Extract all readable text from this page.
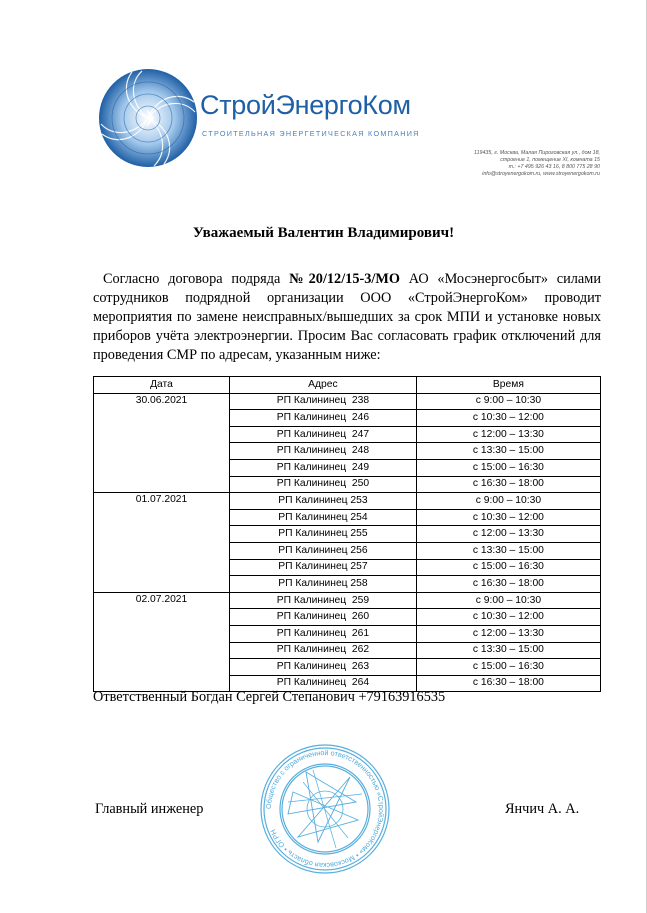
СтройЭнергоКом
СТРОИТЕЛЬНАЯ ЭНЕРГЕТИЧЕСКАЯ КОМПАНИЯ
119435, г. Москва, Малая Пироговская ул., дом 18,
строение 1, помещение XI, комната 15
т.: +7 495 926 43 16, 8 800 775 28 90
info@stroyenergokom.ru, www.stroyenergokom.ru
Уважаемый Валентин Владимирович!
Согласно договора подряда №20/12/15-3/МО АО «Мосэнергосбыт» силами сотрудников подрядной организации ООО «СтройЭнергоКом» проводит мероприятия по замене неисправных/вышедших за срок МПИ и установке новых приборов учёта электроэнергии. Просим Вас согласовать график отключений для проведения СМР по адресам, указанным ниже:
Дата	Адрес	Время
30.06.2021	РП Калининец  238	с 9:00 – 10:30
	РП Калининец  246	с 10:30 – 12:00
	РП Калининец  247	с 12:00 – 13:30
	РП Калининец  248	с 13:30 – 15:00
	РП Калининец  249	с 15:00 – 16:30
	РП Калининец  250	с 16:30 – 18:00
01.07.2021	РП Калининец 253	с 9:00 – 10:30
	РП Калининец 254	с 10:30 – 12:00
	РП Калининец 255	с 12:00 – 13:30
	РП Калининец 256	с 13:30 – 15:00
	РП Калининец 257	с 15:00 – 16:30
	РП Калининец 258	с 16:30 – 18:00
02.07.2021	РП Калининец  259	с 9:00 – 10:30
	РП Калининец  260	с 10:30 – 12:00
	РП Калининец  261	с 12:00 – 13:30
	РП Калининец  262	с 13:30 – 15:00
	РП Калининец  263	с 15:00 – 16:30
	РП Калининец  264	с 16:30 – 18:00
Ответственный Богдан Сергей Степанович +79163916535
Общество с ограниченной ответственностью «СтройЭнергоКом» • Московская область • ОГРН
Главный инженер	Янчич А. А.
